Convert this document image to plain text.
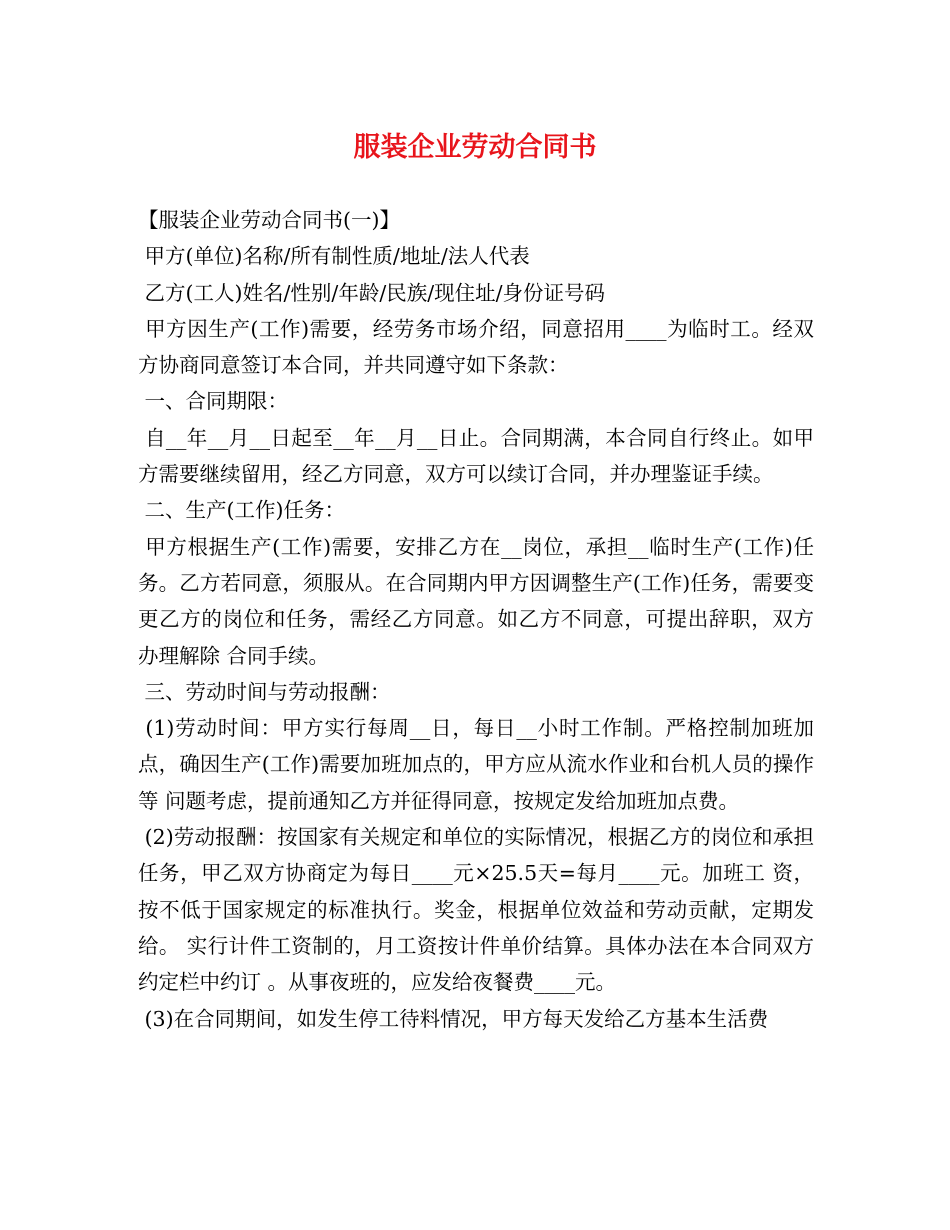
服装企业劳动合同书

【服装企业劳动合同书(一)】

甲方(单位)名称/所有制性质/地址/法人代表

乙方(工人)姓名/性别/年龄/民族/现住址/身份证号码

甲方因生产(工作)需要，经劳务市场介绍，同意招用____为临时工。经双方协商同意签订本合同，并共同遵守如下条款：

一、合同期限：

自__年__月__日起至__年__月__日止。合同期满，本合同自行终止。如甲方需要继续留用，经乙方同意，双方可以续订合同，并办理鉴证手续。

二、生产(工作)任务：

甲方根据生产(工作)需要，安排乙方在__岗位，承担__临时生产(工作)任务。乙方若同意，须服从。在合同期内甲方因调整生产(工作)任务，需要变 更乙方的岗位和任务，需经乙方同意。如乙方不同意，可提出辞职，双方办理解除 合同手续。

三、劳动时间与劳动报酬：

(1)劳动时间：甲方实行每周__日，每日__小时工作制。严格控制加班加点，确因生产(工作)需要加班加点的，甲方应从流水作业和台机人员的操作等 问题考虑，提前通知乙方并征得同意，按规定发给加班加点费。

(2)劳动报酬：按国家有关规定和单位的实际情况，根据乙方的岗位和承担任务，甲乙双方协商定为每日____元×25.5天=每月____元。加班工 资，按不低于国家规定的标准执行。奖金，根据单位效益和劳动贡献，定期发给。 实行计件工资制的，月工资按计件单价结算。具体办法在本合同双方约定栏中约订 。从事夜班的，应发给夜餐费____元。

(3)在合同期间，如发生停工待料情况，甲方每天发给乙方基本生活费
